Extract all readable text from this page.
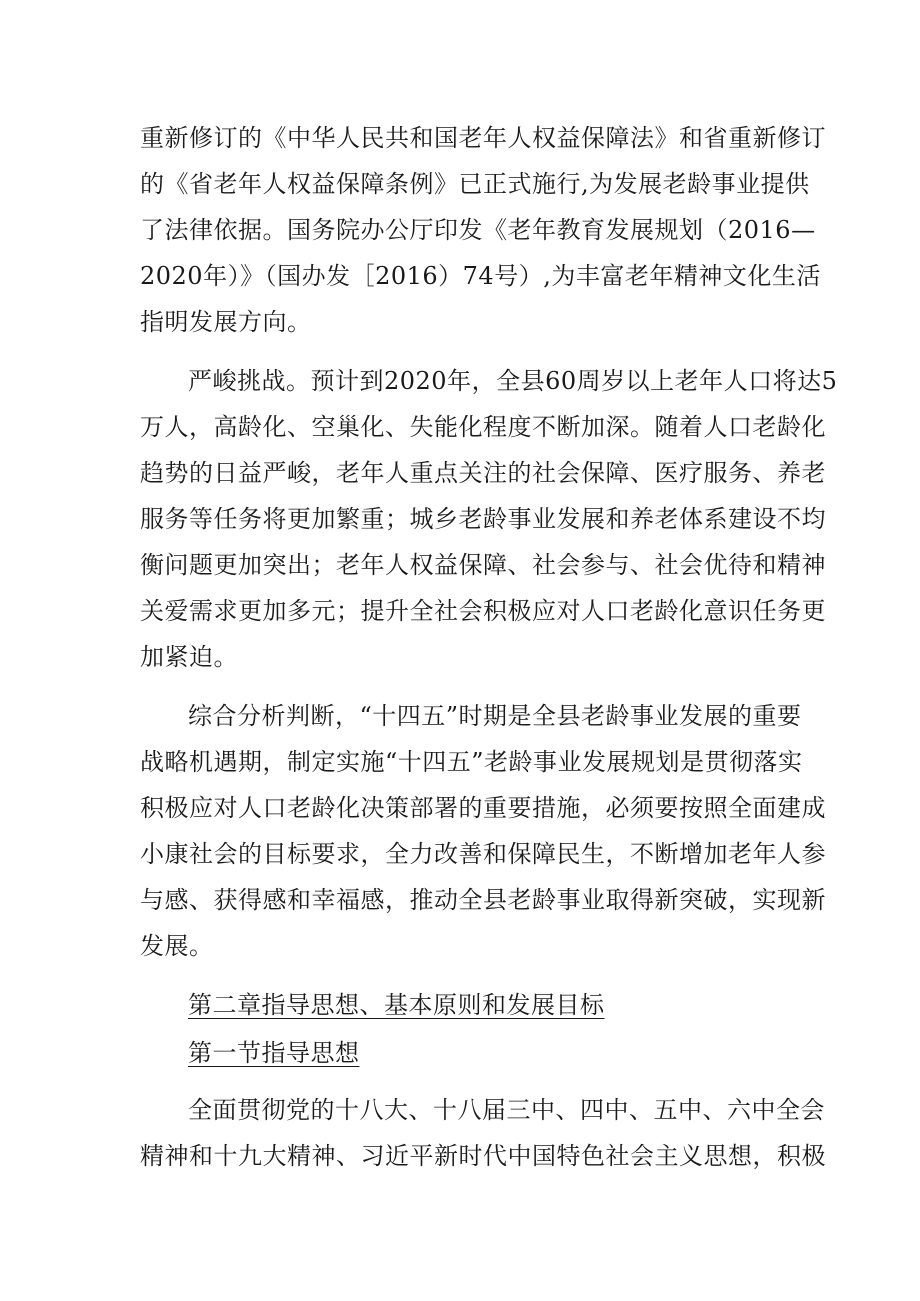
重新修订的《中华人民共和国老年人权益保障法》和省重新修订
的《省老年人权益保障条例》已正式施行,为发展老龄事业提供
了法律依据。国务院办公厅印发《老年教育发展规划（2016—
2020年）》（国办发［2016）74号）,为丰富老年精神文化生活
指明发展方向。
严峻挑战。预计到2020年，全县60周岁以上老年人口将达5
万人，高龄化、空巢化、失能化程度不断加深。随着人口老龄化
趋势的日益严峻，老年人重点关注的社会保障、医疗服务、养老
服务等任务将更加繁重；城乡老龄事业发展和养老体系建设不均
衡问题更加突出；老年人权益保障、社会参与、社会优待和精神
关爱需求更加多元；提升全社会积极应对人口老龄化意识任务更
加紧迫。
综合分析判断，“十四五”时期是全县老龄事业发展的重要
战略机遇期，制定实施“十四五”老龄事业发展规划是贯彻落实
积极应对人口老龄化决策部署的重要措施，必须要按照全面建成
小康社会的目标要求，全力改善和保障民生，不断增加老年人参
与感、获得感和幸福感，推动全县老龄事业取得新突破，实现新
发展。
第二章指导思想、基本原则和发展目标
第一节指导思想
全面贯彻党的十八大、十八届三中、四中、五中、六中全会
精神和十九大精神、习近平新时代中国特色社会主义思想，积极
